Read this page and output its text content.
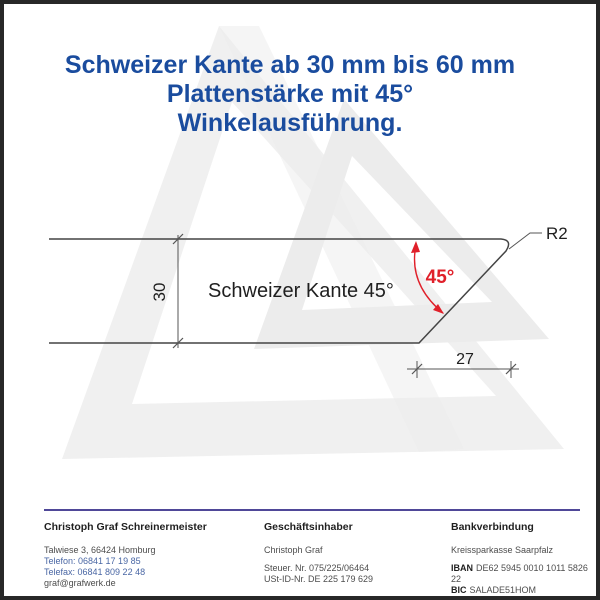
Schweizer Kante ab 30 mm bis 60 mm
Plattenstärke mit 45°
Winkelausführung.
30 Schweizer Kante 45°
45°
R2
27

Christoph Graf Schreinermeister

Talwiese 3, 66424 Homburg
Telefon: 06841 17 19 85
Telefax: 06841 809 22 48
graf@grafwerk.de

Geschäftsinhaber

Christoph Graf
Steuer. Nr. 075/225/06464
USt-ID-Nr. DE 225 179 629

Bankverbindung

Kreissparkasse Saarpfalz
IBAN DE62 5945 0010 1011 5826 22
BIC SALADE51HOM
